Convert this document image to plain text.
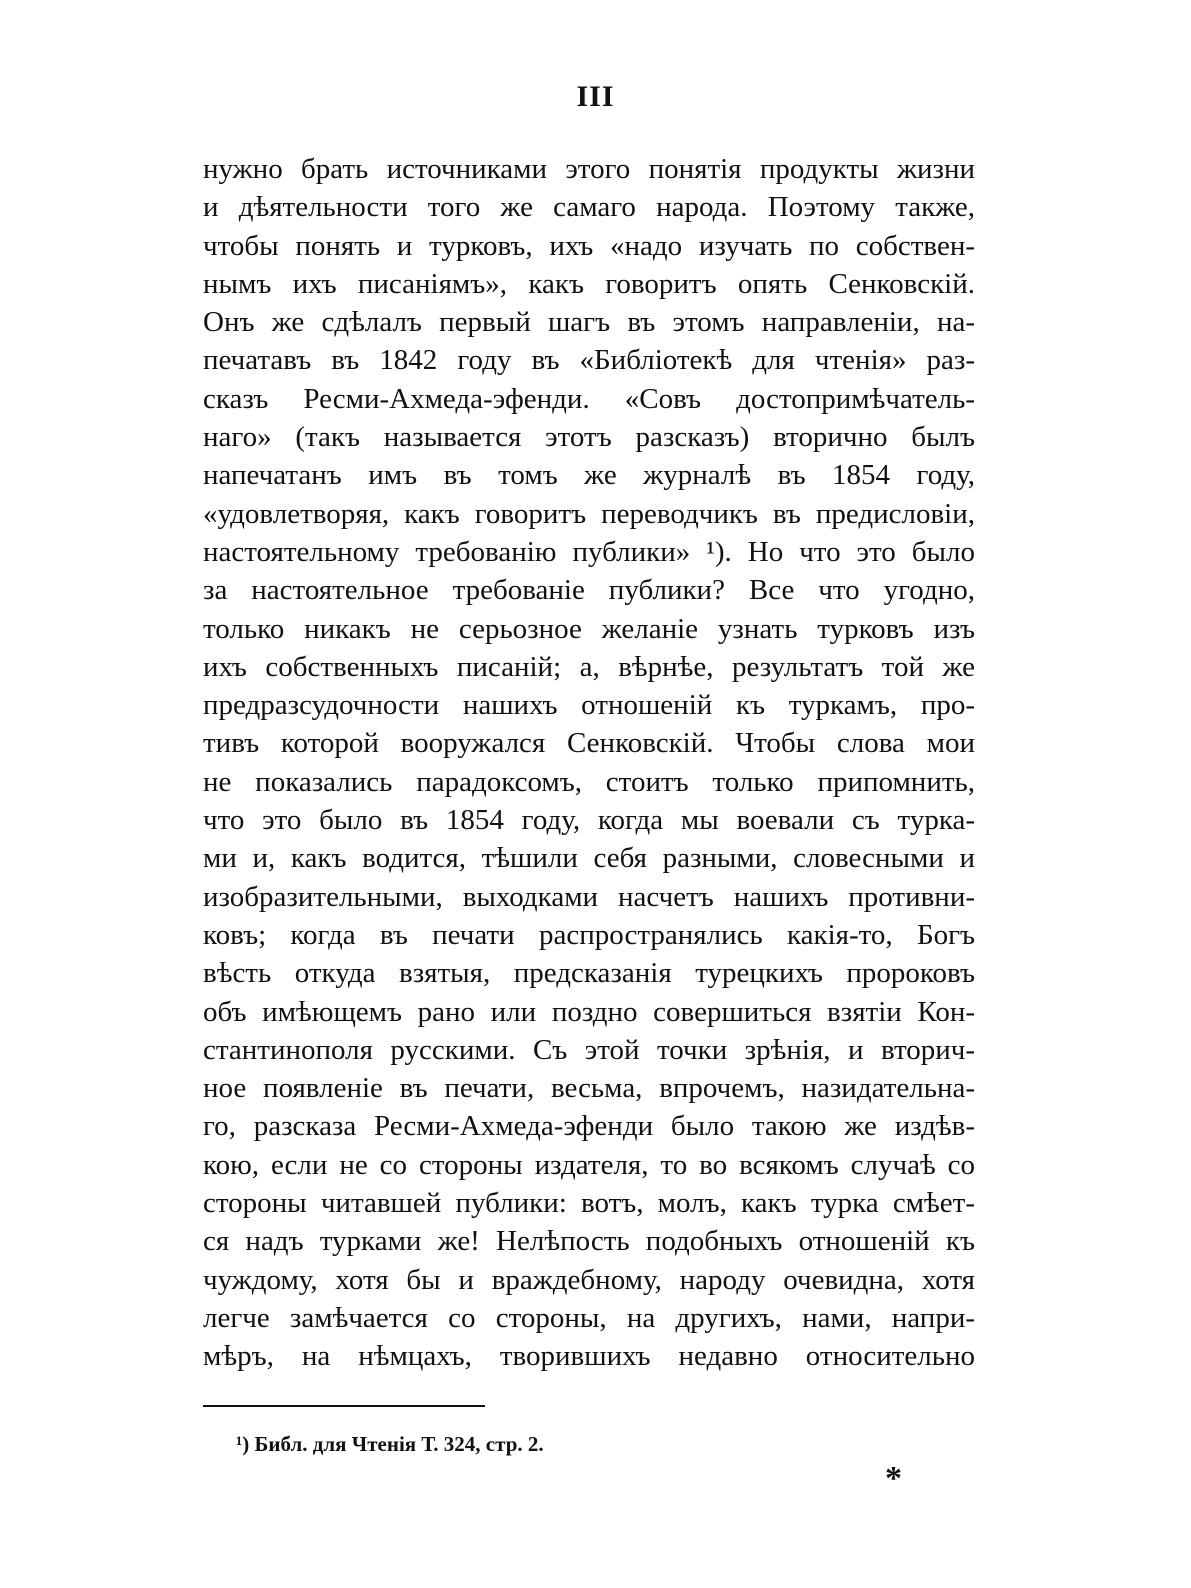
III
нужно брать источниками этого понятія продукты жизни
и дѣятельности того же самаго народа. Поэтому также,
чтобы понять и турковъ, ихъ «надо изучать по собствен-
нымъ ихъ писаніямъ», какъ говоритъ опять Сенковскій.
Онъ же сдѣлалъ первый шагъ въ этомъ направленіи, на-
печатавъ въ 1842 году въ «Библіотекѣ для чтенія» раз-
сказъ Ресми-Ахмеда-эфенди. «Совъ достопримѣчатель-
наго» (такъ называется этотъ разсказъ) вторично былъ
напечатанъ имъ въ томъ же журналѣ въ 1854 году,
«удовлетворяя, какъ говоритъ переводчикъ въ предисловіи,
настоятельному требованію публики» ¹). Но что это было
за настоятельное требованіе публики? Все что угодно,
только никакъ не серьозное желаніе узнать турковъ изъ
ихъ собственныхъ писаній; а, вѣрнѣе, результатъ той же
предразсудочности нашихъ отношеній къ туркамъ, про-
тивъ которой вооружался Сенковскій. Чтобы слова мои
не показались парадоксомъ, стоитъ только припомнить,
что это было въ 1854 году, когда мы воевали съ турка-
ми и, какъ водится, тѣшили себя разными, словесными и
изобразительными, выходками насчетъ нашихъ противни-
ковъ; когда въ печати распространялись какія-то, Богъ
вѣсть откуда взятыя, предсказанія турецкихъ пророковъ
объ имѣющемъ рано или поздно совершиться взятіи Кон-
стантинополя русскими. Съ этой точки зрѣнія, и вторич-
ное появленіе въ печати, весьма, впрочемъ, назидательна-
го, разсказа Ресми-Ахмеда-эфенди было такою же издѣв-
кою, если не со стороны издателя, то во всякомъ случаѣ со
стороны читавшей публики: вотъ, молъ, какъ турка смѣет-
ся надъ турками же! Нелѣпость подобныхъ отношеній къ
чуждому, хотя бы и враждебному, народу очевидна, хотя
легче замѣчается со стороны, на другихъ, нами, напри-
мѣръ, на нѣмцахъ, творившихъ недавно относительно
¹) Библ. для Чтенія Т. 324, стр. 2.
*
